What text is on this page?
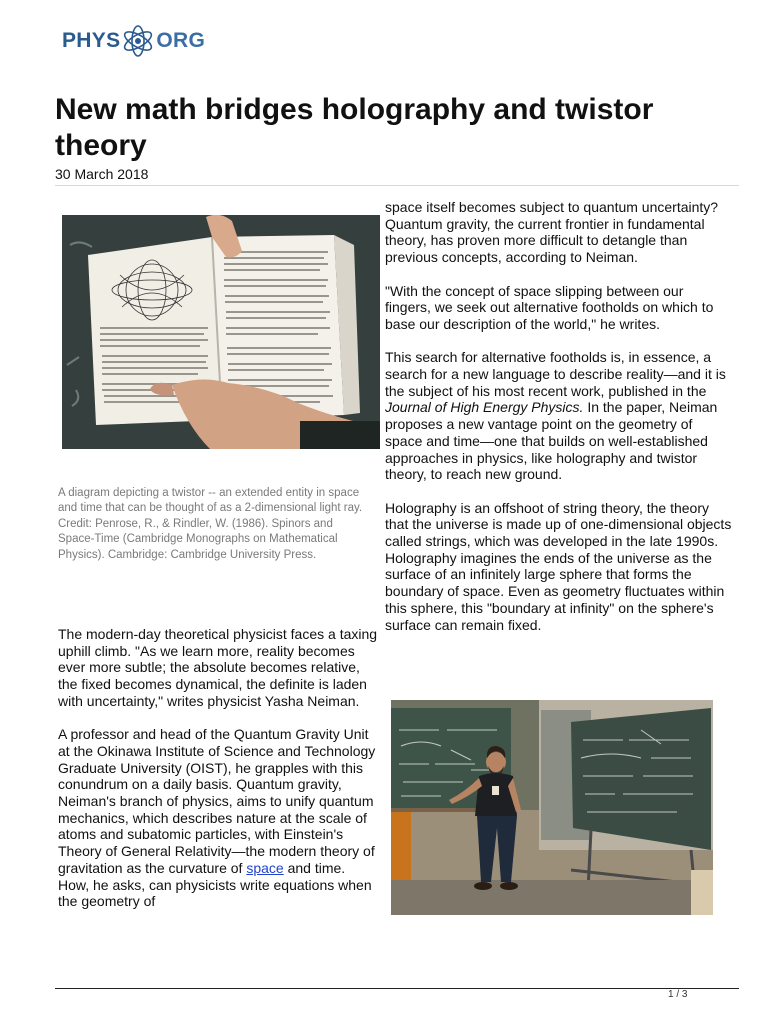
PHYS ORG
New math bridges holography and twistor theory
30 March 2018

A diagram depicting a twistor -- an extended entity in space and time that can be thought of as a 2-dimensional light ray. Credit: Penrose, R., & Rindler, W. (1986). Spinors and Space-Time (Cambridge Monographs on Mathematical Physics). Cambridge: Cambridge University Press.

The modern-day theoretical physicist faces a taxing uphill climb. "As we learn more, reality becomes ever more subtle; the absolute becomes relative, the fixed becomes dynamical, the definite is laden with uncertainty," writes physicist Yasha Neiman.

A professor and head of the Quantum Gravity Unit at the Okinawa Institute of Science and Technology Graduate University (OIST), he grapples with this conundrum on a daily basis. Quantum gravity, Neiman's branch of physics, aims to unify quantum mechanics, which describes nature at the scale of atoms and subatomic particles, with Einstein's Theory of General Relativity—the modern theory of gravitation as the curvature of space and time. How, he asks, can physicists write equations when the geometry of

space itself becomes subject to quantum uncertainty? Quantum gravity, the current frontier in fundamental theory, has proven more difficult to detangle than previous concepts, according to Neiman.

"With the concept of space slipping between our fingers, we seek out alternative footholds on which to base our description of the world," he writes.

This search for alternative footholds is, in essence, a search for a new language to describe reality—and it is the subject of his most recent work, published in the Journal of High Energy Physics. In the paper, Neiman proposes a new vantage point on the geometry of space and time—one that builds on well-established approaches in physics, like holography and twistor theory, to reach new ground.

Holography is an offshoot of string theory, the theory that the universe is made up of one-dimensional objects called strings, which was developed in the late 1990s. Holography imagines the ends of the universe as the surface of an infinitely large sphere that forms the boundary of space. Even as geometry fluctuates within this sphere, this "boundary at infinity" on the sphere's surface can remain fixed.

1 / 3
